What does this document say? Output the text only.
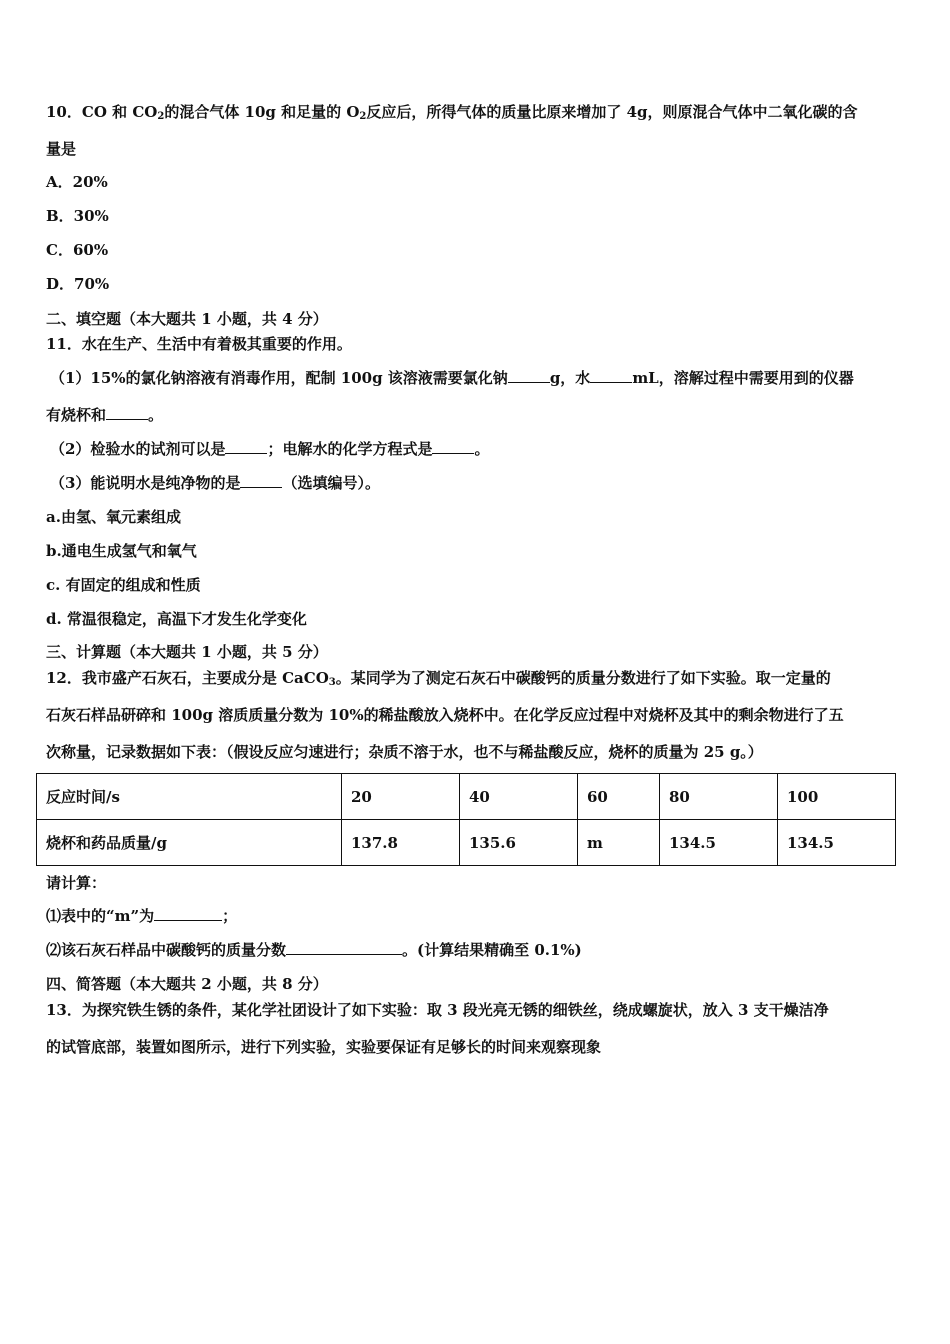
10．CO 和 $CO_2$的混合气体 10g 和足量的 $O_2$反应后，所得气体的质量比原来增加了 4g，则原混合气体中二氧化碳的含
量是
A．20%
B．30%
C．60%
D．70%
二、填空题（本大题共 1 小题，共 4 分）
11．水在生产、生活中有着极其重要的作用。
（1）15%的氯化钠溶液有消毒作用，配制 100g 该溶液需要氯化钠	g，水	mL，溶解过程中需要用到的仪器
有烧杯和	。
（2）检验水的试剂可以是	；电解水的化学方程式是	。
（3）能说明水是纯净物的是	（选填编号）。
a.由氢、氧元素组成
b.通电生成氢气和氧气
c. 有固定的组成和性质
d. 常温很稳定，高温下才发生化学变化
三、计算题（本大题共 1 小题，共 5 分）
12．我市盛产石灰石，主要成分是 CaCO$_3$。某同学为了测定石灰石中碳酸钙的质量分数进行了如下实验。取一定量的
石灰石样品研碎和 100g 溶质质量分数为 10%的稀盐酸放入烧杯中。在化学反应过程中对烧杯及其中的剩余物进行了五
次称量，记录数据如下表：（假设反应匀速进行；杂质不溶于水，也不与稀盐酸反应，烧杯的质量为 25 g。）
反应时间/s	20	40	60	80	100
烧杯和药品质量/g	137.8	135.6	m	134.5	134.5
请计算：
⑴表中的“m”为	；
⑵该石灰石样品中碳酸钙的质量分数	。(计算结果精确至 0.1%)
四、简答题（本大题共 2 小题，共 8 分）
13．为探究铁生锈的条件，某化学社团设计了如下实验：取 3 段光亮无锈的细铁丝，绕成螺旋状，放入 3 支干燥洁净
的试管底部，装置如图所示，进行下列实验，实验要保证有足够长的时间来观察现象
